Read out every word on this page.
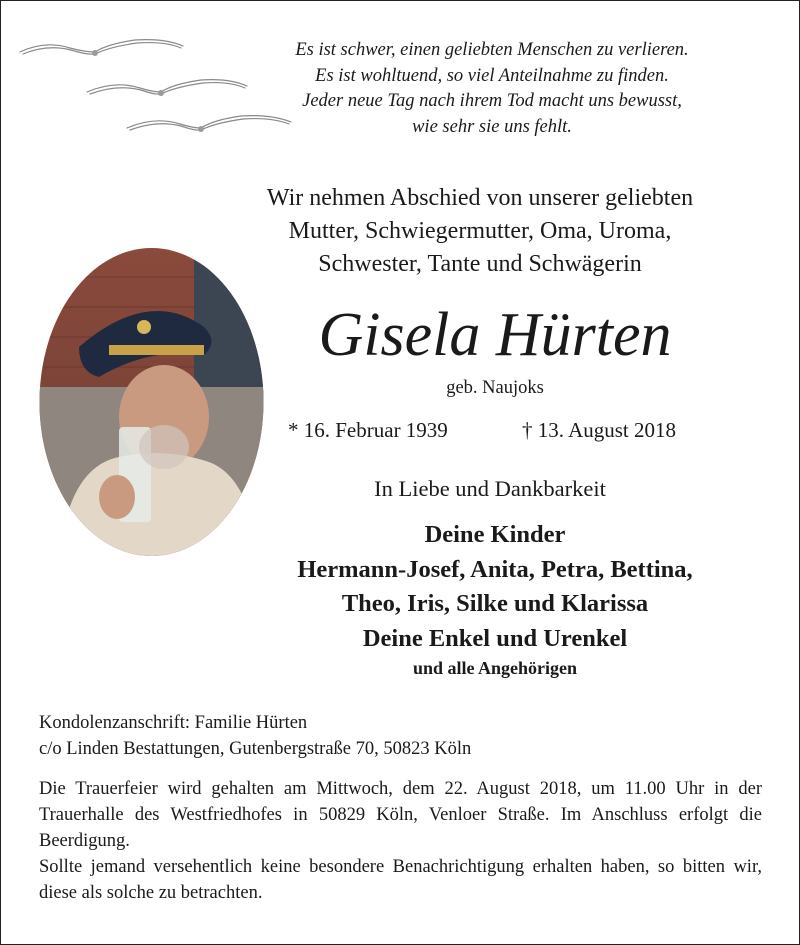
Es ist schwer, einen geliebten Menschen zu verlieren.
Es ist wohltuend, so viel Anteilnahme zu finden.
Jeder neue Tag nach ihrem Tod macht uns bewusst,
wie sehr sie uns fehlt.
Wir nehmen Abschied von unserer geliebten
Mutter, Schwiegermutter, Oma, Uroma,
Schwester, Tante und Schwägerin
Gisela Hürten
geb. Naujoks
* 16. Februar 1939	† 13. August 2018
In Liebe und Dankbarkeit
Deine Kinder
Hermann-Josef, Anita, Petra, Bettina,
Theo, Iris, Silke und Klarissa
Deine Enkel und Urenkel
und alle Angehörigen
Kondolenzanschrift: Familie Hürten
c/o Linden Bestattungen, Gutenbergstraße 70, 50823 Köln

Die Trauerfeier wird gehalten am Mittwoch, dem 22. August 2018, um 11.00 Uhr in der Trauerhalle des Westfriedhofes in 50829 Köln, Venloer Straße. Im Anschluss erfolgt die Beerdigung.

Sollte jemand versehentlich keine besondere Benachrichtigung erhalten haben, so bitten wir, diese als solche zu betrachten.
